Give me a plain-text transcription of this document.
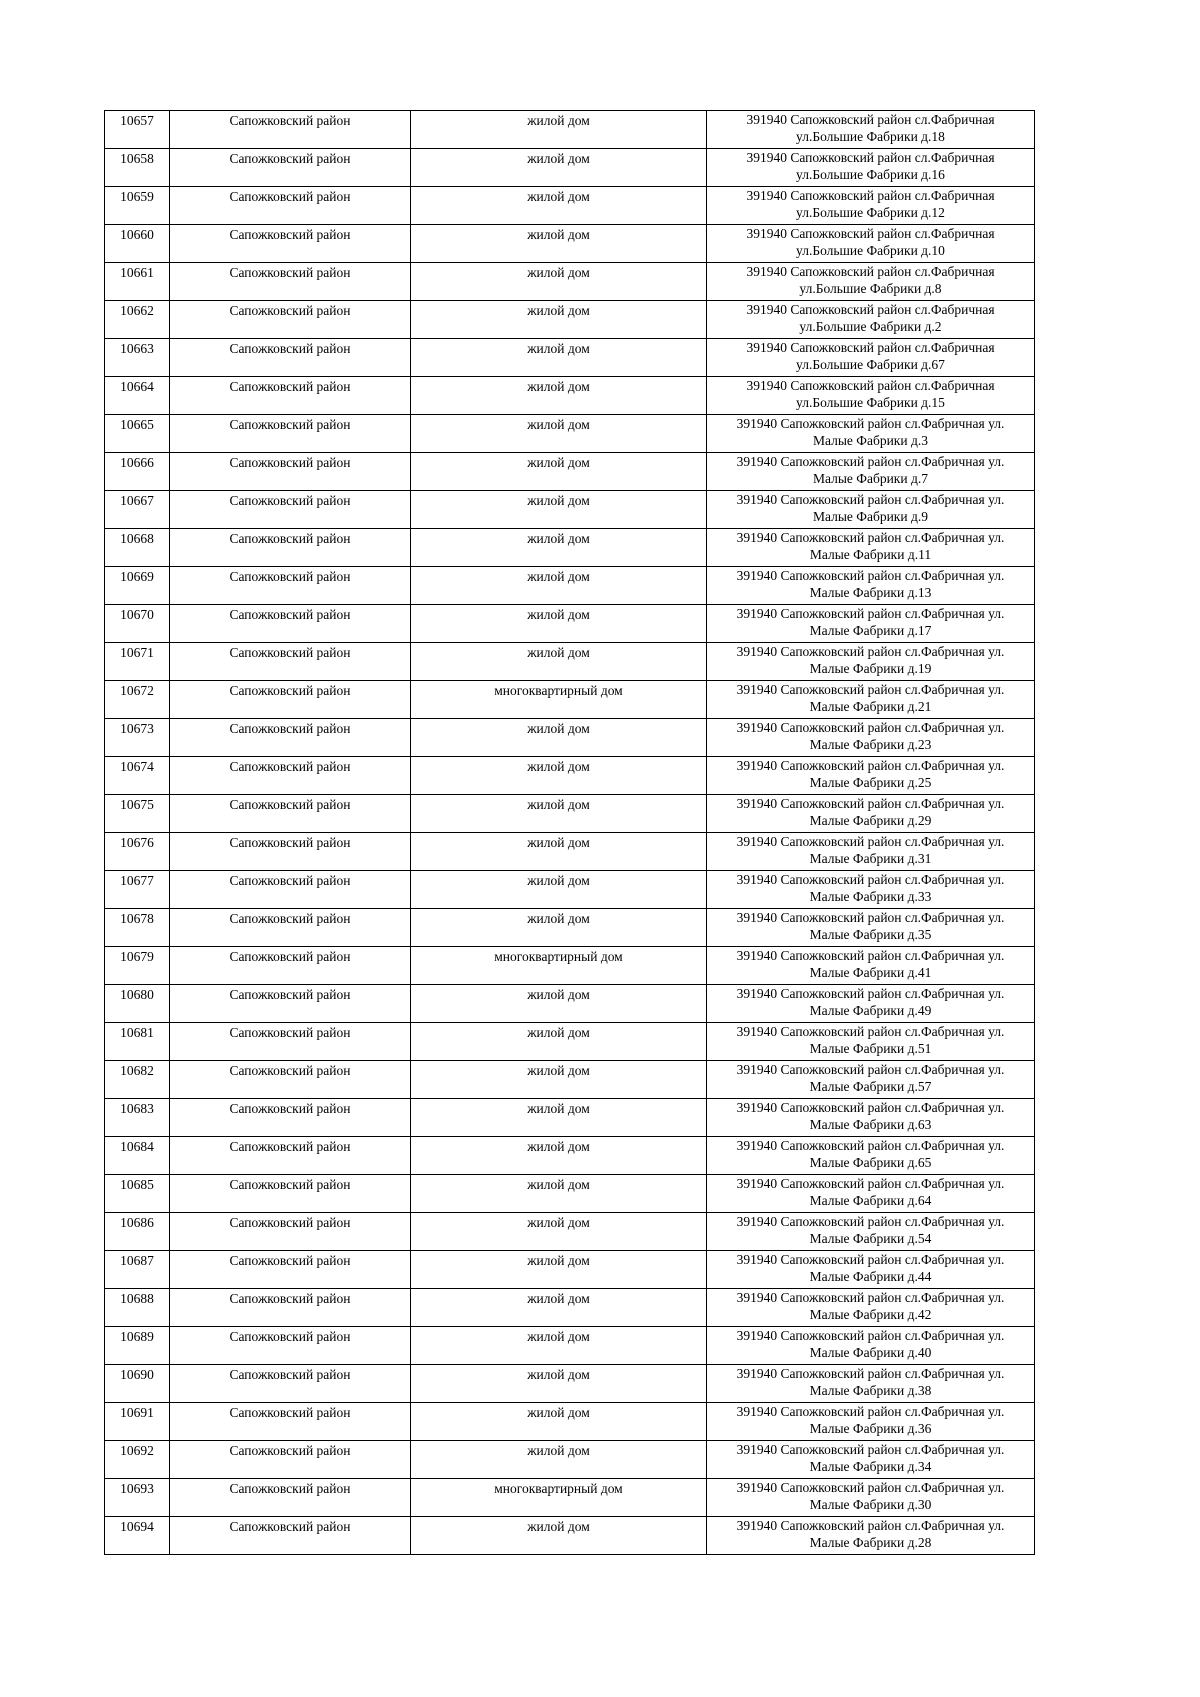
10657	Сапожковский район	жилой дом	391940 Сапожковский район сл.Фабричная
ул.Большие Фабрики д.18

10658	Сапожковский район	жилой дом	391940 Сапожковский район сл.Фабричная
ул.Большие Фабрики д.16

10659	Сапожковский район	жилой дом	391940 Сапожковский район сл.Фабричная
ул.Большие Фабрики д.12

10660	Сапожковский район	жилой дом	391940 Сапожковский район сл.Фабричная
ул.Большие Фабрики д.10

10661	Сапожковский район	жилой дом	391940 Сапожковский район сл.Фабричная
ул.Большие Фабрики д.8

10662	Сапожковский район	жилой дом	391940 Сапожковский район сл.Фабричная
ул.Большие Фабрики д.2

10663	Сапожковский район	жилой дом	391940 Сапожковский район сл.Фабричная
ул.Большие Фабрики д.67

10664	Сапожковский район	жилой дом	391940 Сапожковский район сл.Фабричная
ул.Большие Фабрики д.15

10665	Сапожковский район	жилой дом	391940 Сапожковский район сл.Фабричная ул.
Малые Фабрики д.3

10666	Сапожковский район	жилой дом	391940 Сапожковский район сл.Фабричная ул.
Малые Фабрики д.7

10667	Сапожковский район	жилой дом	391940 Сапожковский район сл.Фабричная ул.
Малые Фабрики д.9

10668	Сапожковский район	жилой дом	391940 Сапожковский район сл.Фабричная ул.
Малые Фабрики д.11

10669	Сапожковский район	жилой дом	391940 Сапожковский район сл.Фабричная ул.
Малые Фабрики д.13

10670	Сапожковский район	жилой дом	391940 Сапожковский район сл.Фабричная ул.
Малые Фабрики д.17

10671	Сапожковский район	жилой дом	391940 Сапожковский район сл.Фабричная ул.
Малые Фабрики д.19

10672	Сапожковский район	многоквартирный дом	391940 Сапожковский район сл.Фабричная ул.
Малые Фабрики д.21

10673	Сапожковский район	жилой дом	391940 Сапожковский район сл.Фабричная ул.
Малые Фабрики д.23

10674	Сапожковский район	жилой дом	391940 Сапожковский район сл.Фабричная ул.
Малые Фабрики д.25

10675	Сапожковский район	жилой дом	391940 Сапожковский район сл.Фабричная ул.
Малые Фабрики д.29

10676	Сапожковский район	жилой дом	391940 Сапожковский район сл.Фабричная ул.
Малые Фабрики д.31

10677	Сапожковский район	жилой дом	391940 Сапожковский район сл.Фабричная ул.
Малые Фабрики д.33

10678	Сапожковский район	жилой дом	391940 Сапожковский район сл.Фабричная ул.
Малые Фабрики д.35

10679	Сапожковский район	многоквартирный дом	391940 Сапожковский район сл.Фабричная ул.
Малые Фабрики д.41

10680	Сапожковский район	жилой дом	391940 Сапожковский район сл.Фабричная ул.
Малые Фабрики д.49

10681	Сапожковский район	жилой дом	391940 Сапожковский район сл.Фабричная ул.
Малые Фабрики д.51

10682	Сапожковский район	жилой дом	391940 Сапожковский район сл.Фабричная ул.
Малые Фабрики д.57

10683	Сапожковский район	жилой дом	391940 Сапожковский район сл.Фабричная ул.
Малые Фабрики д.63

10684	Сапожковский район	жилой дом	391940 Сапожковский район сл.Фабричная ул.
Малые Фабрики д.65

10685	Сапожковский район	жилой дом	391940 Сапожковский район сл.Фабричная ул.
Малые Фабрики д.64

10686	Сапожковский район	жилой дом	391940 Сапожковский район сл.Фабричная ул.
Малые Фабрики д.54

10687	Сапожковский район	жилой дом	391940 Сапожковский район сл.Фабричная ул.
Малые Фабрики д.44

10688	Сапожковский район	жилой дом	391940 Сапожковский район сл.Фабричная ул.
Малые Фабрики д.42

10689	Сапожковский район	жилой дом	391940 Сапожковский район сл.Фабричная ул.
Малые Фабрики д.40

10690	Сапожковский район	жилой дом	391940 Сапожковский район сл.Фабричная ул.
Малые Фабрики д.38

10691	Сапожковский район	жилой дом	391940 Сапожковский район сл.Фабричная ул.
Малые Фабрики д.36

10692	Сапожковский район	жилой дом	391940 Сапожковский район сл.Фабричная ул.
Малые Фабрики д.34

10693	Сапожковский район	многоквартирный дом	391940 Сапожковский район сл.Фабричная ул.
Малые Фабрики д.30

10694	Сапожковский район	жилой дом	391940 Сапожковский район сл.Фабричная ул.
Малые Фабрики д.28
